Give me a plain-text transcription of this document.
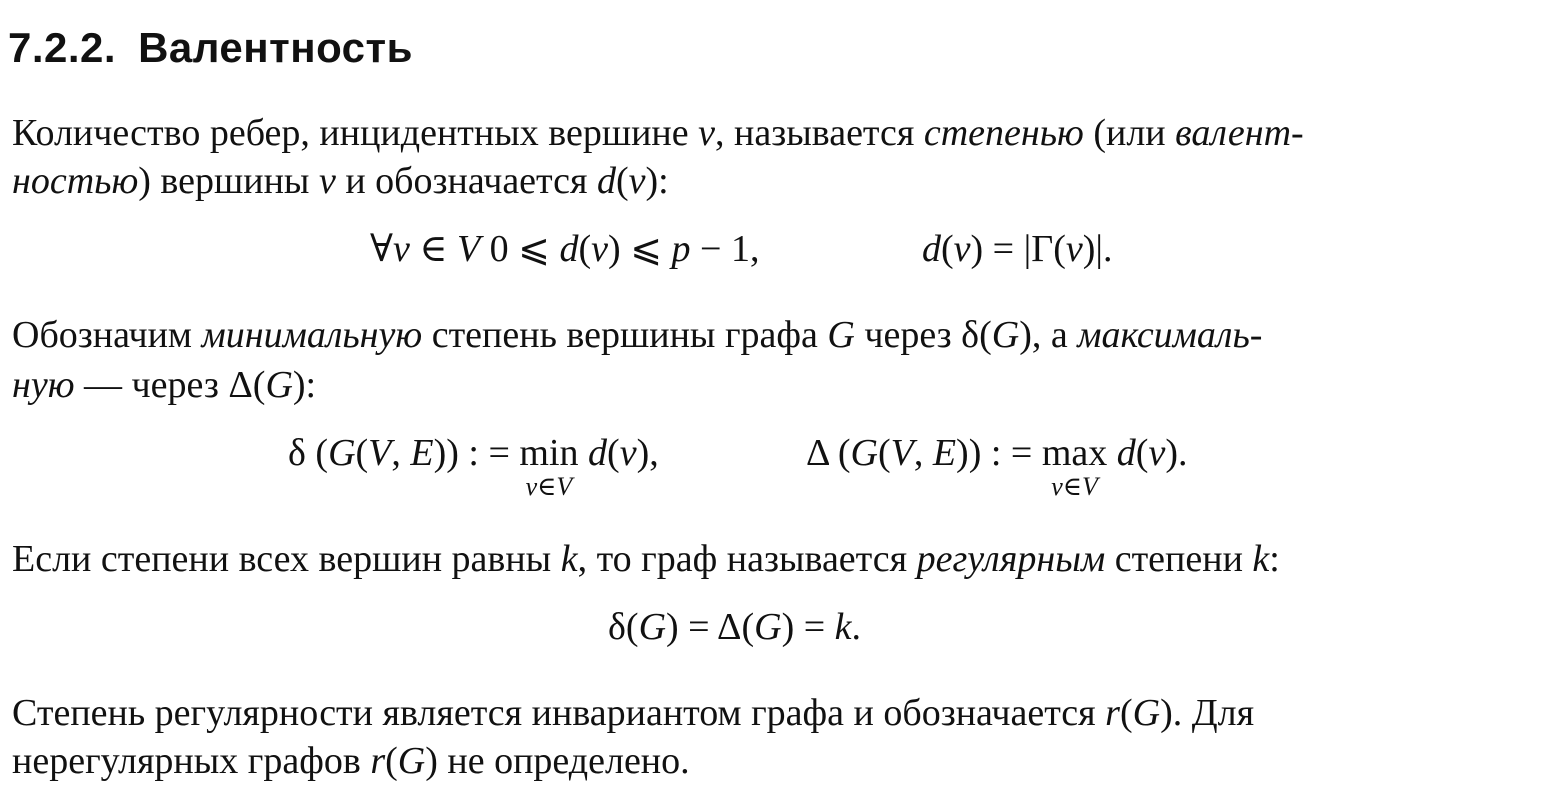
7.2.2. Валентность
Количество ребер, инцидентных вершине v, называется степенью (или валент-
ностью) вершины v и обозначается d(v):
∀v ∈ V 0 ⩽ d(v) ⩽ p − 1,	d(v) = |Γ(v)|.
Обозначим минимальную степень вершины графа G через δ(G), а максималь-
ную — через Δ(G):
δ (G(V, E)) : = min
v∈V
d(v),	Δ (G(V, E)) : = max
v∈V
d(v).
Если степени всех вершин равны k, то граф называется регулярным степени k:
δ(G) = Δ(G) = k.
Степень регулярности является инвариантом графа и обозначается r(G). Для
нерегулярных графов r(G) не определено.
